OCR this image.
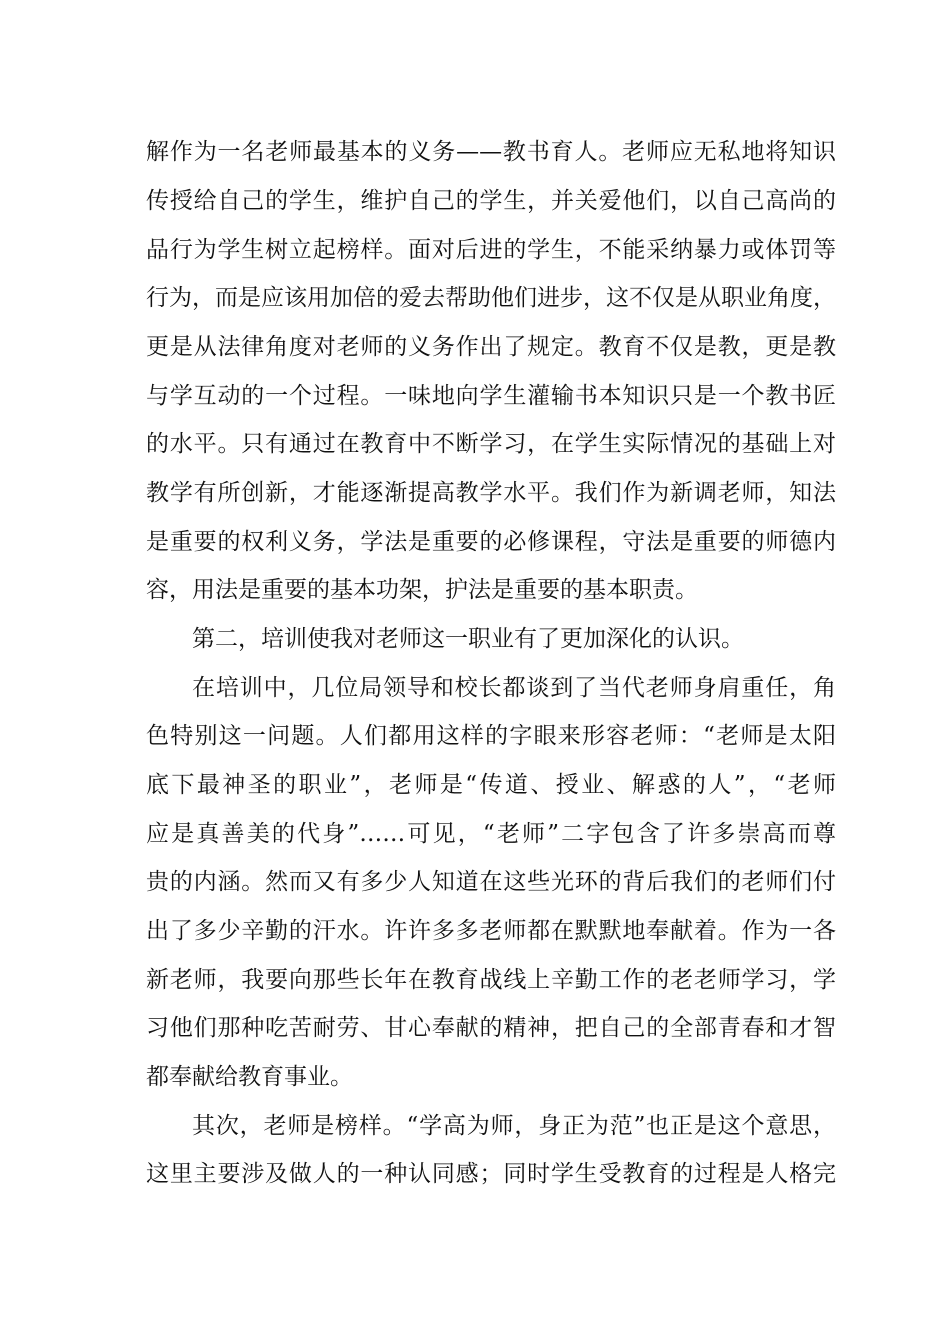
解作为一名老师最基本的义务——教书育人。老师应无私地将知识
传授给自己的学生，维护自己的学生，并关爱他们，以自己高尚的
品行为学生树立起榜样。面对后进的学生，不能采纳暴力或体罚等
行为，而是应该用加倍的爱去帮助他们进步，这不仅是从职业角度，
更是从法律角度对老师的义务作出了规定。教育不仅是教，更是教
与学互动的一个过程。一味地向学生灌输书本知识只是一个教书匠
的水平。只有通过在教育中不断学习，在学生实际情况的基础上对
教学有所创新，才能逐渐提高教学水平。我们作为新调老师，知法
是重要的权利义务，学法是重要的必修课程，守法是重要的师德内
容，用法是重要的基本功架，护法是重要的基本职责。
第二，培训使我对老师这一职业有了更加深化的认识。
在培训中，几位局领导和校长都谈到了当代老师身肩重任，角
色特别这一问题。人们都用这样的字眼来形容老师：“老师是太阳
底下最神圣的职业”，老师是“传道、授业、解惑的人”，“老师
应是真善美的代身”……可见，“老师”二字包含了许多崇高而尊
贵的内涵。然而又有多少人知道在这些光环的背后我们的老师们付
出了多少辛勤的汗水。许许多多老师都在默默地奉献着。作为一各
新老师，我要向那些长年在教育战线上辛勤工作的老老师学习，学
习他们那种吃苦耐劳、甘心奉献的精神，把自己的全部青春和才智
都奉献给教育事业。
其次，老师是榜样。“学高为师，身正为范”也正是这个意思，
这里主要涉及做人的一种认同感；同时学生受教育的过程是人格完
